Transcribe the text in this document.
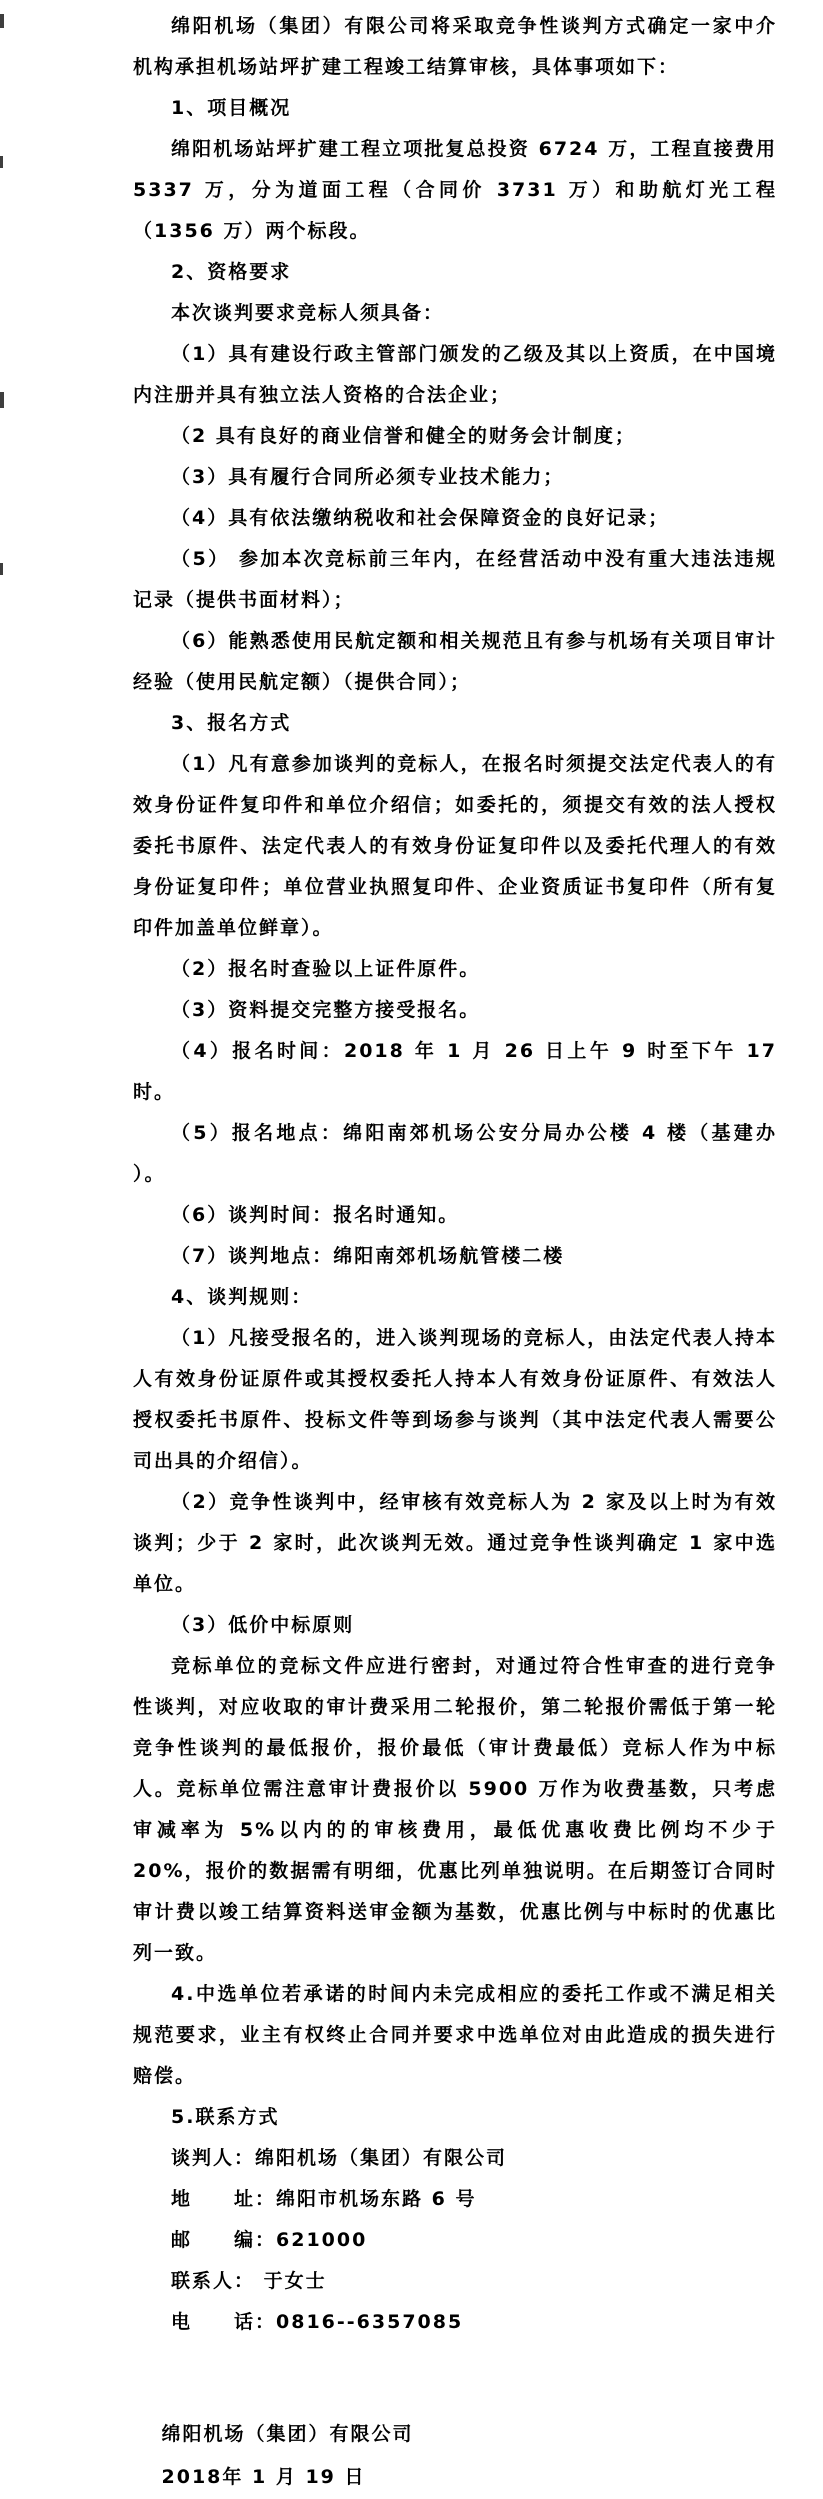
绵阳机场（集团）有限公司将采取竞争性谈判方式确定一家中介机构承担机场站坪扩建工程竣工结算审核，具体事项如下：

1、项目概况

绵阳机场站坪扩建工程立项批复总投资 6724 万，工程直接费用 5337 万，分为道面工程（合同价 3731 万）和助航灯光工程（1356 万）两个标段。

2、资格要求

本次谈判要求竞标人须具备：

（1）具有建设行政主管部门颁发的乙级及其以上资质，在中国境内注册并具有独立法人资格的合法企业；

（2 具有良好的商业信誉和健全的财务会计制度；

（3）具有履行合同所必须专业技术能力；

（4）具有依法缴纳税收和社会保障资金的良好记录；

（5） 参加本次竞标前三年内，在经营活动中没有重大违法违规记录（提供书面材料）；

（6）能熟悉使用民航定额和相关规范且有参与机场有关项目审计经验（使用民航定额）（提供合同）；

3、报名方式

（1）凡有意参加谈判的竞标人，在报名时须提交法定代表人的有效身份证件复印件和单位介绍信；如委托的，须提交有效的法人授权委托书原件、法定代表人的有效身份证复印件以及委托代理人的有效身份证复印件；单位营业执照复印件、企业资质证书复印件（所有复印件加盖单位鲜章）。

（2）报名时查验以上证件原件。

（3）资料提交完整方接受报名。

（4）报名时间：2018 年 1 月 26 日上午 9 时至下午 17 时。

（5）报名地点：绵阳南郊机场公安分局办公楼 4 楼（基建办 ）。

（6）谈判时间：报名时通知。

（7）谈判地点：绵阳南郊机场航管楼二楼

4、谈判规则：

（1）凡接受报名的，进入谈判现场的竞标人，由法定代表人持本人有效身份证原件或其授权委托人持本人有效身份证原件、有效法人授权委托书原件、投标文件等到场参与谈判（其中法定代表人需要公司出具的介绍信）。

（2）竞争性谈判中，经审核有效竞标人为 2 家及以上时为有效谈判；少于 2 家时，此次谈判无效。通过竞争性谈判确定 1 家中选单位。

（3）低价中标原则

竞标单位的竞标文件应进行密封，对通过符合性审查的进行竞争性谈判，对应收取的审计费采用二轮报价，第二轮报价需低于第一轮竞争性谈判的最低报价，报价最低（审计费最低）竞标人作为中标人。竞标单位需注意审计费报价以 5900 万作为收费基数，只考虑审减率为 5%以内的的审核费用，最低优惠收费比例均不少于 20%，报价的数据需有明细，优惠比列单独说明。在后期签订合同时审计费以竣工结算资料送审金额为基数，优惠比例与中标时的优惠比列一致。

4.中选单位若承诺的时间内未完成相应的委托工作或不满足相关规范要求，业主有权终止合同并要求中选单位对由此造成的损失进行赔偿。

5.联系方式

谈判人：绵阳机场（集团）有限公司

地　　址：绵阳市机场东路 6 号

邮　　编：621000

联系人： 于女士

电　　话：0816--6357085

绵阳机场（集团）有限公司

2018年 1 月 19 日
